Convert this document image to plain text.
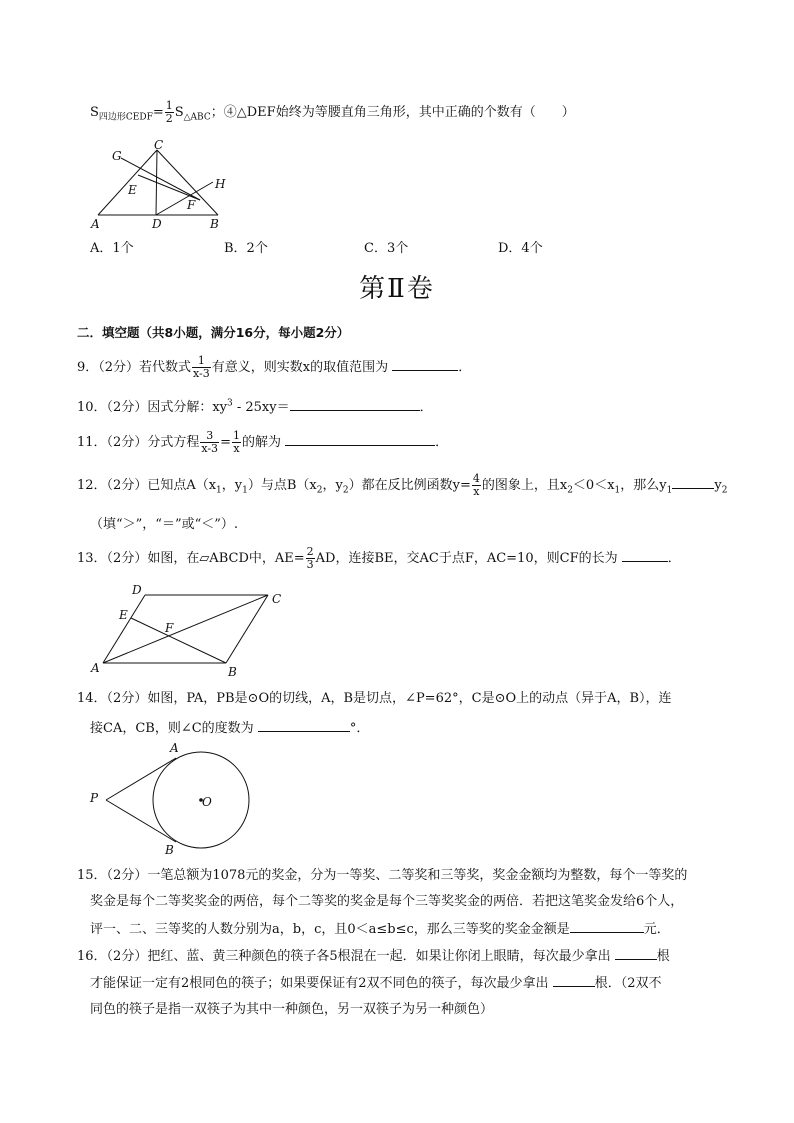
$S_{四边形CEDF}= \frac{1}{2} S_{\triangle ABC}$；④△DEF始终为等腰直角三角形，其中正确的个数有（　　）
G
C
E	H
F
A	D	B
A．1个	B．2个	C．3个	D．4个
第Ⅱ卷
二．填空题（共8小题，满分16分，每小题2分）
9．（2分）若代数式 $\frac{1}{x-3}$ 有意义，则实数x的取值范围为	．
10．（2分）因式分解：$xy^3 - 25xy=$	．
11．（2分）分式方程 $\frac{3}{x-3} = \frac{1}{x}$ 的解为	．
12．（2分）已知点$A(x_1$，$y_1$）与点$B(x_2$，$y_2$）都在反比例函数$y= \frac{4}{x}$ 的图象上，且$x_2<0<x_1$，那么$y_1$	$y_2$
（填“＞”，“＝”或“＜”）.
13．（2分）如图，在▱ABCD中，$AE= \frac{2}{3}$ AD，连接BE，交AC于点F，AC=10，则CF的长为	．
D
C
E
F
A	B
14．（2分）如图，PA，PB是⊙O的切线，A，B是切点，∠P=62°，C是⊙O上的动点（异于A，B），连
接CA，CB，则∠C的度数为	°．
A
P	O
B
15．（2分）一笔总额为1078元的奖金，分为一等奖、二等奖和三等奖，奖金金额均为整数，每个一等奖的
奖金是每个二等奖奖金的两倍，每个二等奖的奖金是每个三等奖奖金的两倍．若把这笔奖金发给6个人，
评一、二、三等奖的人数分别为a，b，c，且0＜a≤b≤c，那么三等奖的奖金金额是	元．
16．（2分）把红、蓝、黄三种颜色的筷子各5根混在一起．如果让你闭上眼睛，每次最少拿出	根
才能保证一定有2根同色的筷子；如果要保证有2双不同色的筷子，每次最少拿出	根．（2双不
同色的筷子是指一双筷子为其中一种颜色，另一双筷子为另一种颜色）
